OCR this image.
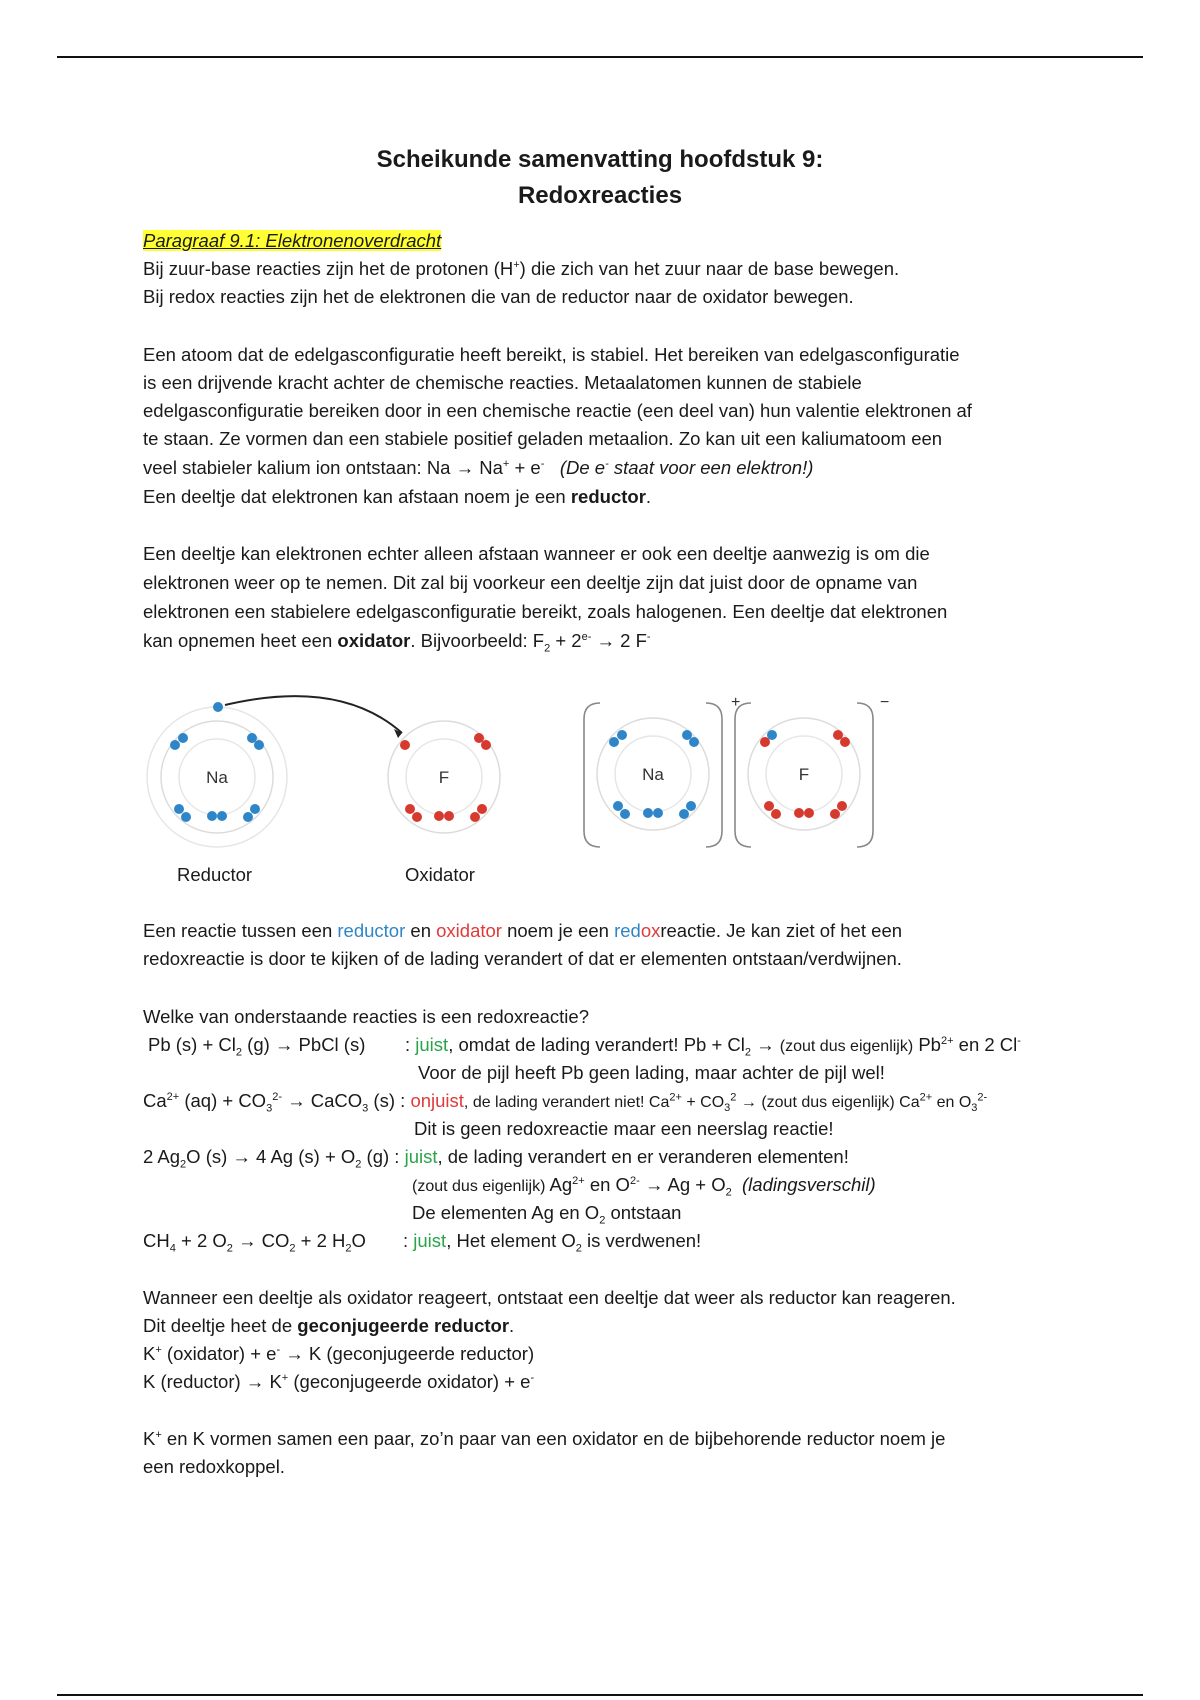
Scheikunde samenvatting hoofdstuk 9:
Redoxreacties
Paragraaf 9.1: Elektronenoverdracht
Bij zuur-base reacties zijn het de protonen (H+) die zich van het zuur naar de base bewegen.
Bij redox reacties zijn het de elektronen die van de reductor naar de oxidator bewegen.
Een atoom dat de edelgasconfiguratie heeft bereikt, is stabiel. Het bereiken van edelgasconfiguratie
is een drijvende kracht achter de chemische reacties. Metaalatomen kunnen de stabiele
edelgasconfiguratie bereiken door in een chemische reactie (een deel van) hun valentie elektronen af
te staan. Ze vormen dan een stabiele positief geladen metaalion. Zo kan uit een kaliumatoom een
veel stabieler kalium ion ontstaan: Na → Na+ + e- (De e- staat voor een elektron!)
Een deeltje dat elektronen kan afstaan noem je een reductor.
Een deeltje kan elektronen echter alleen afstaan wanneer er ook een deeltje aanwezig is om die
elektronen weer op te nemen. Dit zal bij voorkeur een deeltje zijn dat juist door de opname van
elektronen een stabielere edelgasconfiguratie bereikt, zoals halogenen. Een deeltje dat elektronen
kan opnemen heet een oxidator. Bijvoorbeeld: $F_2 + 2^{e-} \to 2$ F-
Na	F	Na
+
F
−
Reductor	Oxidator
Een reactie tussen een reductor en oxidator noem je een redoxreactie. Je kan ziet of het een
redoxreactie is door te kijken of de lading verandert of dat er elementen ontstaan/verdwijnen.
Welke van onderstaande reacties is een redoxreactie?
Pb $(s) + Cl_2$ (g) → PbCl (s) : juist, omdat de lading verandert! $Pb + Cl_2$ → (zout dus eigenlijk) $Pb^{2+}$ en 2 Cl-
Voor de pijl heeft Pb geen lading, maar achter de pijl wel!
$Ca^{2+}$ $(aq) + CO_3^{2-}$ → CaCO$_3$ (s) : onjuist, de lading verandert niet! $Ca^{2+} + CO_3^2$ → (zout dus eigenlijk) $Ca^{2+}$ en $O_3^{2-}$
Dit is geen redoxreactie maar een neerslag reactie!
2 $Ag_2O$ (s) → 4 Ag $(s) + O_2$ (g) : juist, de lading verandert en er veranderen elementen!
(zout dus eigenlijk) $Ag^{2+}$ en $O^{2-} \to Ag + O_2$ (ladingsverschil)
De elementen Ag en $O_2$ ontstaan
$CH_4 + 2$ $O_2 \to CO_2 + 2$ $H_2O$ : juist, Het element $O_2$ is verdwenen!
Wanneer een deeltje als oxidator reageert, ontstaat een deeltje dat weer als reductor kan reageren.
Dit deeltje heet de geconjugeerde reductor.
K+ (oxidator) + e- → K (geconjugeerde reductor)
K (reductor) → K+ (geconjugeerde oxidator) + e-
K+ en K vormen samen een paar, zo’n paar van een oxidator en de bijbehorende reductor noem je
een redoxkoppel.
